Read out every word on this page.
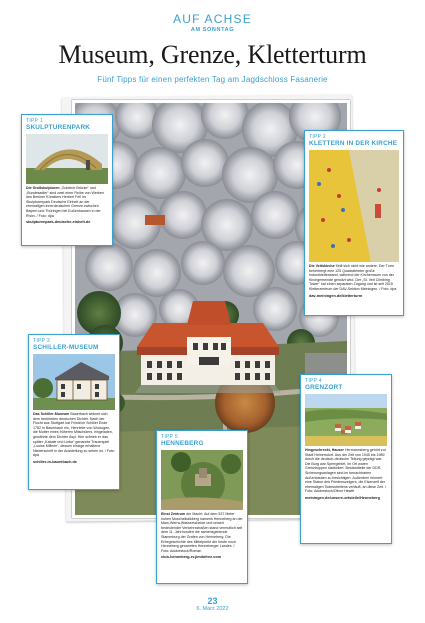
AUF ACHSE
AM SONNTAG
Museum, Grenze, Kletterturm
Fünf Tipps für einen perfekten Tag am Jagdschloss Fasanerie
TIPP 1
SKULPTURENPARK
Die Großskulpturen „Goldene Brücke“ und „Bundesadler“ sind zwei einer Reihe von Werken des Berliner Künstlers Herbert Fell im Skulpturenpark Deutsche Einheit an der ehemaligen innerdeutschen Grenze zwischen Bayern und Thüringen bei Eußenhausen in der Rhön. / Foto: dpa
skulpturenpark-deutsche-einheit.de
TIPP 2
KLETTERN IN DER KIRCHE
Die Veitskirche fühlt sich nicht wie andere. Der Turm beherbergt eine 125 Quadratmeter große Indoorkletterwand, während der Kirchenraum von der Kirchgemeinde genutzt wird. Der „St. Veit Climbing Tower“ hat einen separaten Zugang und ist seit 2015 Kletterzentrum der DAV-Sektion Meiningen. / Foto: dpa
dav-meiningen.de/kletterturm
TIPP 3
SCHILLER-MUSEUM
Das Schiller-Museum Bauerbach widmet sich dem berühmten deutschen Dichter. Nach der Flucht aus Stuttgart hat Friedrich Schiller Ende 1782 in Bauerbach ein, Henriette von Wolzogen, die Mutter eines früheren Mitschülers, eingeladen, gewährte dem Dichter Asyl. Hier schrieb er das später „Kabale und Liebe“ genannte Trauerspiel „Louise Millerin“, dessen einzige erhaltene Niederschrift in der Ausstellung zu sehen ist. / Foto: dpa
schiller-in-bauerbach.de
TIPP 4
GRENZORT
Hingeschreckt, Hauser Hermannsberg gehört zur Stadt Heinersdorf. Aus der Zeit von 1945 bis 1989 durch die deutsch-deutsche Teilung geprägt war. Die Burg war Sperrgebiet, im Ort waren Grenztruppen stationiert. Bestandteile der DDR-Sicherungsanlagen sind im benachbarten Außenbauten zu besichtigen. Außerdem erinnert eine Statue des Friedenszeigers, die Eisenzeit der ehemaligen Todesstreifens verläuft, an diese Zeit. / Foto: Adobestock/Oliver Hewitt
meiningen.de/unsere-ortsteile/Henneberg
TIPP 5
HENNEBERG
Einst Zentrum der Macht: Auf dem 537 Meter hohen Muschelkalkberg namens Henneberg an der Main-Werra-Wasserscheide und unweit bedeutender Verkehrsstraßen stand vermutlich seit dem 11. Jahrhundert die namensgebende Stammburg der Grafen von Henneberg. Die Erbegeschichte des Mittelpunkt der heute noch Henneberg genannten Henneberger Landes. / Foto: Adobestock/Roman
club-henneberg-rv.jimdofree.com
23
6. März 2022
